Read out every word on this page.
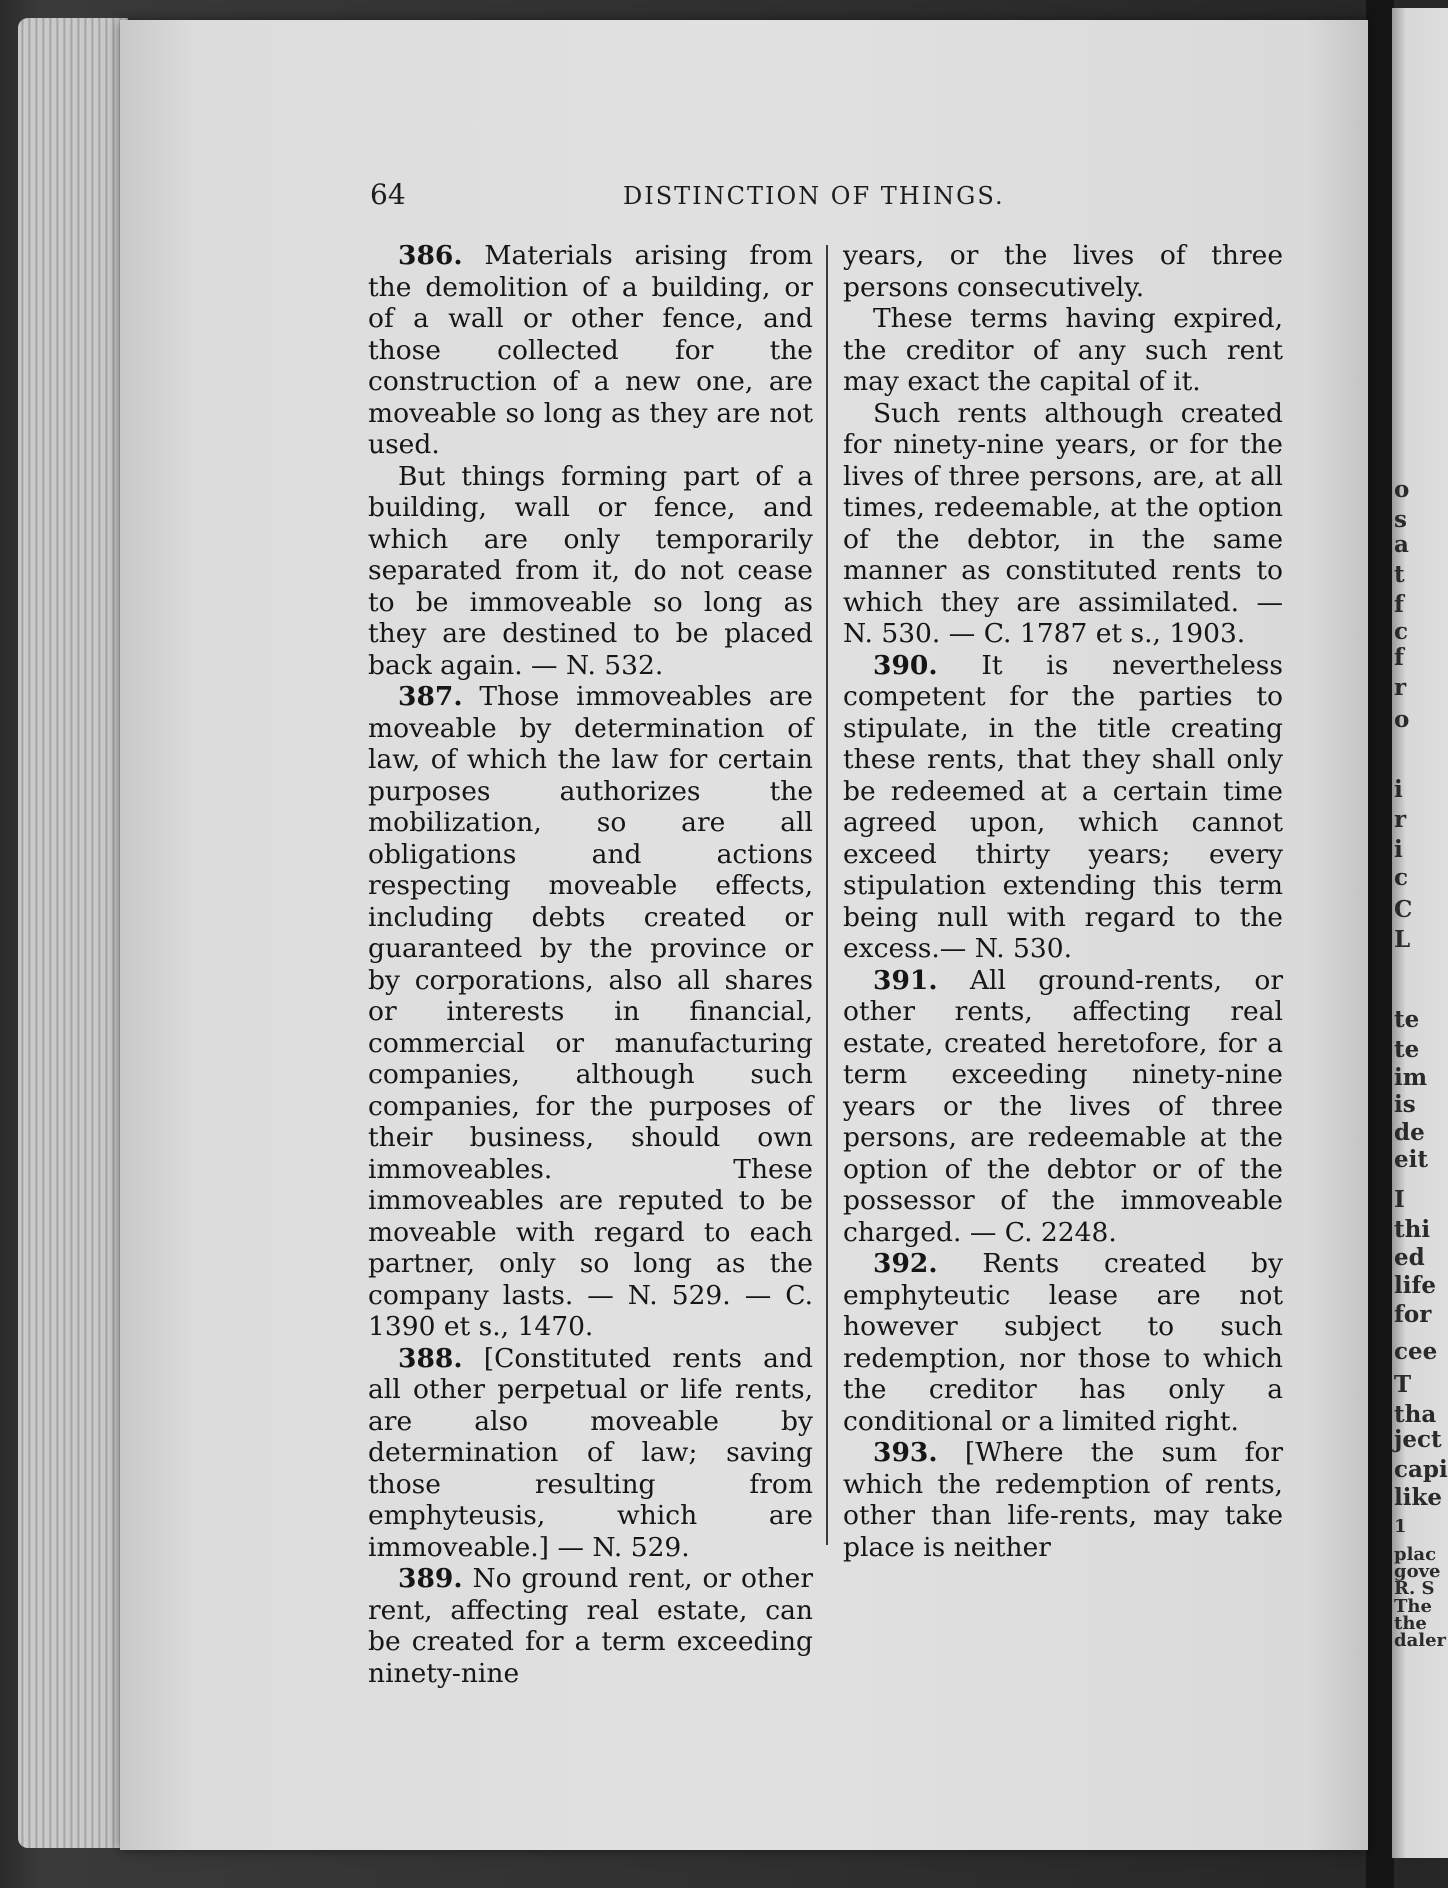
o
s
a
t
f
c
f
r
o
i
r
i
c
C
L
te
te
im
is
de
eit
I
thi
ed
life
for
cee
T
tha
ject
capi
like
1
plac
gove
R. S
The
the
daler
64	DISTINCTION OF THINGS.

386. Materials arising from the demolition of a building, or of a wall or other fence, and those collected for the construction of a new one, are moveable so long as they are not used.

But things forming part of a building, wall or fence, and which are only temporarily separated from it, do not cease to be immoveable so long as they are destined to be placed back again. — N. 532.

387. Those immoveables are moveable by determination of law, of which the law for certain purposes authorizes the mobilization, so are all obligations and actions respecting moveable effects, including debts created or guaranteed by the province or by corporations, also all shares or interests in financial, commercial or manufacturing companies, although such companies, for the purposes of their business, should own immoveables. These immoveables are reputed to be moveable with regard to each partner, only so long as the company lasts. — N. 529. — C. 1390 et s., 1470.

388. [Constituted rents and all other perpetual or life rents, are also moveable by determination of law; saving those resulting from emphyteusis, which are immoveable.] — N. 529.

389. No ground rent, or other rent, affecting real estate, can be created for a term exceeding ninety-nine

years, or the lives of three persons consecutively.

These terms having expired, the creditor of any such rent may exact the capital of it.

Such rents although created for ninety-nine years, or for the lives of three persons, are, at all times, redeemable, at the option of the debtor, in the same manner as constituted rents to which they are assimilated. — N. 530. — C. 1787 et s., 1903.

390. It is nevertheless competent for the parties to stipulate, in the title creating these rents, that they shall only be redeemed at a certain time agreed upon, which cannot exceed thirty years; every stipulation extending this term being null with regard to the excess.— N. 530.

391. All ground-rents, or other rents, affecting real estate, created heretofore, for a term exceeding ninety-nine years or the lives of three persons, are redeemable at the option of the debtor or of the possessor of the immoveable charged. — C. 2248.

392. Rents created by emphyteutic lease are not however subject to such redemption, nor those to which the creditor has only a conditional or a limited right.

393. [Where the sum for which the redemption of rents, other than life-rents, may take place is neither
